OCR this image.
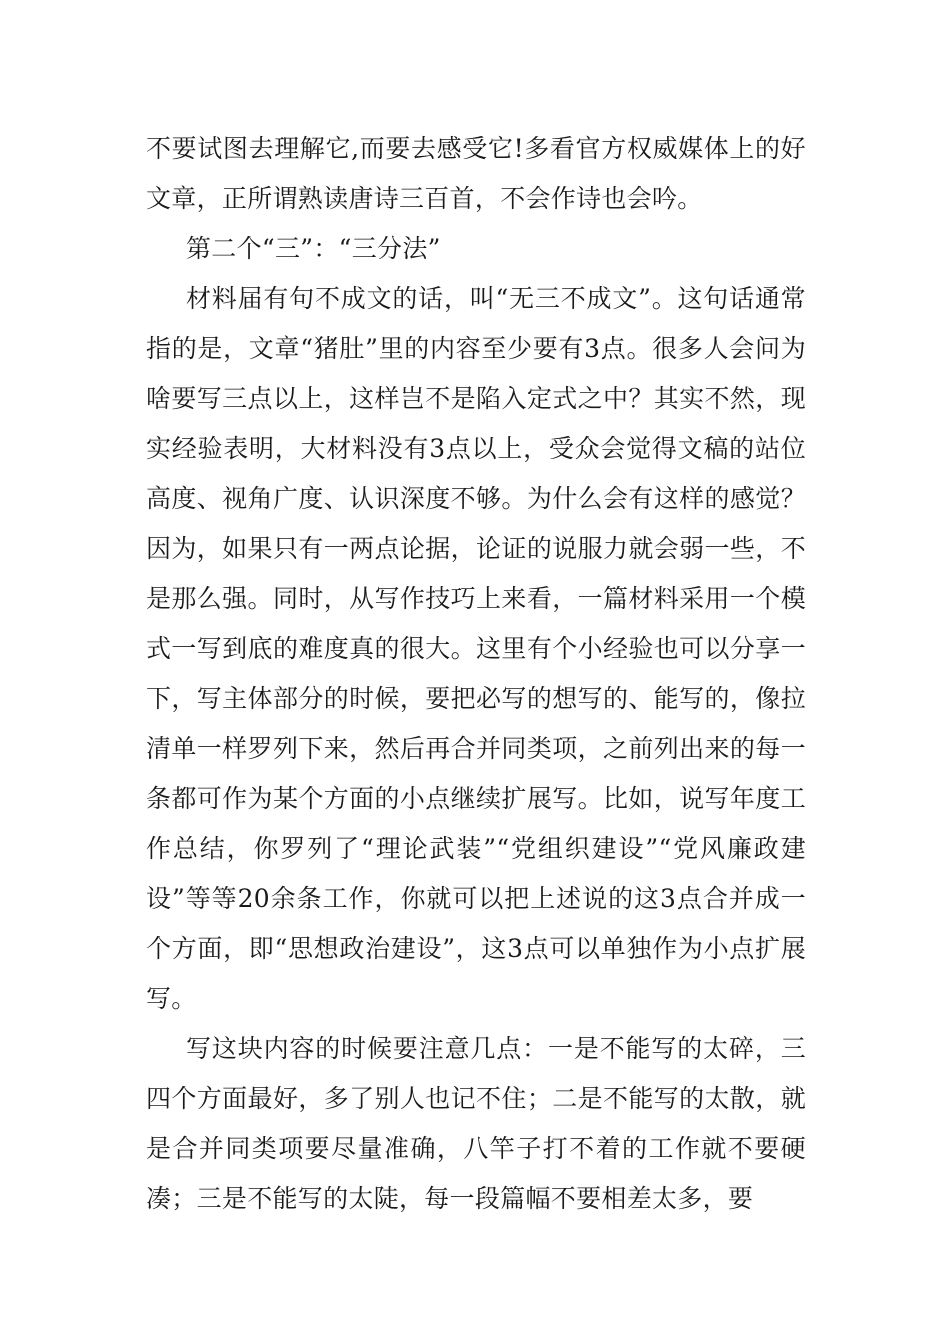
不要试图去理解它,而要去感受它!多看官方权威媒体上的好文章，正所谓熟读唐诗三百首，不会作诗也会吟。

第二个“三”：“三分法”

材料届有句不成文的话，叫“无三不成文”。这句话通常指的是，文章“猪肚”里的内容至少要有3点。很多人会问为啥要写三点以上，这样岂不是陷入定式之中？其实不然，现实经验表明，大材料没有3点以上，受众会觉得文稿的站位高度、视角广度、认识深度不够。为什么会有这样的感觉？因为，如果只有一两点论据，论证的说服力就会弱一些，不是那么强。同时，从写作技巧上来看，一篇材料采用一个模式一写到底的难度真的很大。这里有个小经验也可以分享一下，写主体部分的时候，要把必写的想写的、能写的，像拉清单一样罗列下来，然后再合并同类项，之前列出来的每一条都可作为某个方面的小点继续扩展写。比如，说写年度工作总结，你罗列了“理论武装”“党组织建设”“党风廉政建设”等等20余条工作，你就可以把上述说的这3点合并成一个方面，即“思想政治建设”，这3点可以单独作为小点扩展写。

写这块内容的时候要注意几点：一是不能写的太碎，三四个方面最好，多了别人也记不住；二是不能写的太散，就是合并同类项要尽量准确，八竿子打不着的工作就不要硬凑；三是不能写的太陡，每一段篇幅不要相差太多，要
